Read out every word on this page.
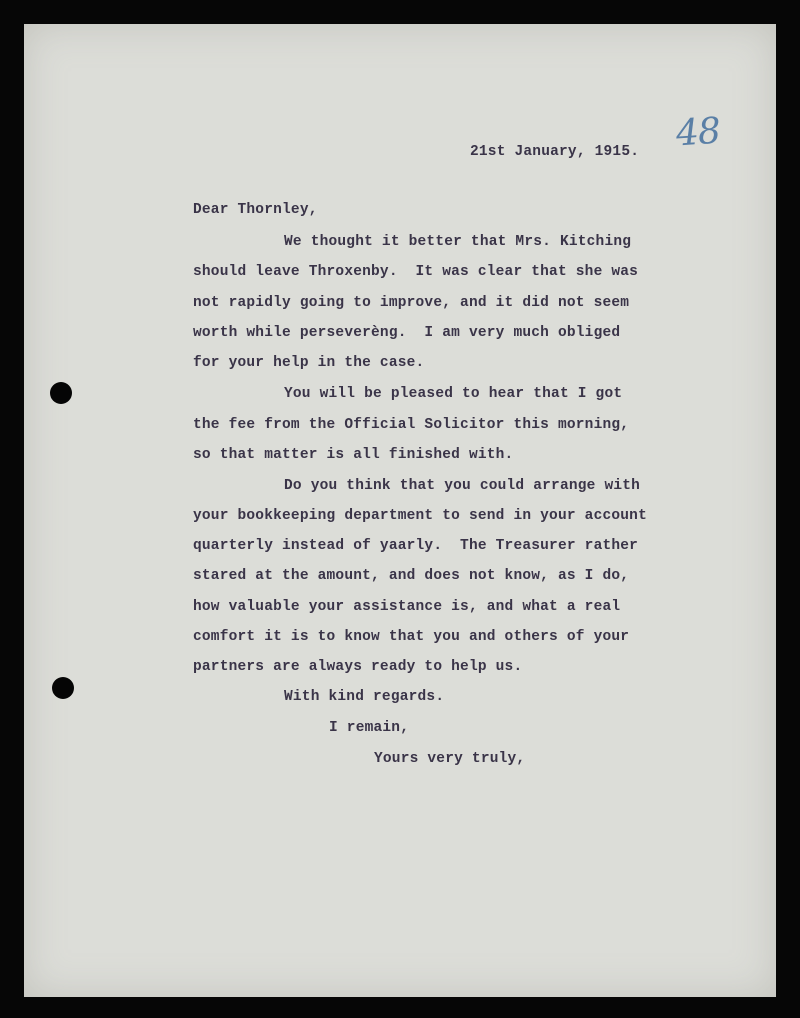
48
21st January, 1915.
Dear Thornley,
We thought it better that Mrs. Kitching
should leave Throxenby.  It was clear that she was
not rapidly going to improve, and it did not seem
worth while perseverèng.  I am very much obliged
for your help in the case.
You will be pleased to hear that I got
the fee from the Official Solicitor this morning,
so that matter is all finished with.
Do you think that you could arrange with
your bookkeeping department to send in your account
quarterly instead of yaarly.  The Treasurer rather
stared at the amount, and does not know, as I do,
how valuable your assistance is, and what a real
comfort it is to know that you and others of your
partners are always ready to help us.
With kind regards.
I remain,
Yours very truly,
